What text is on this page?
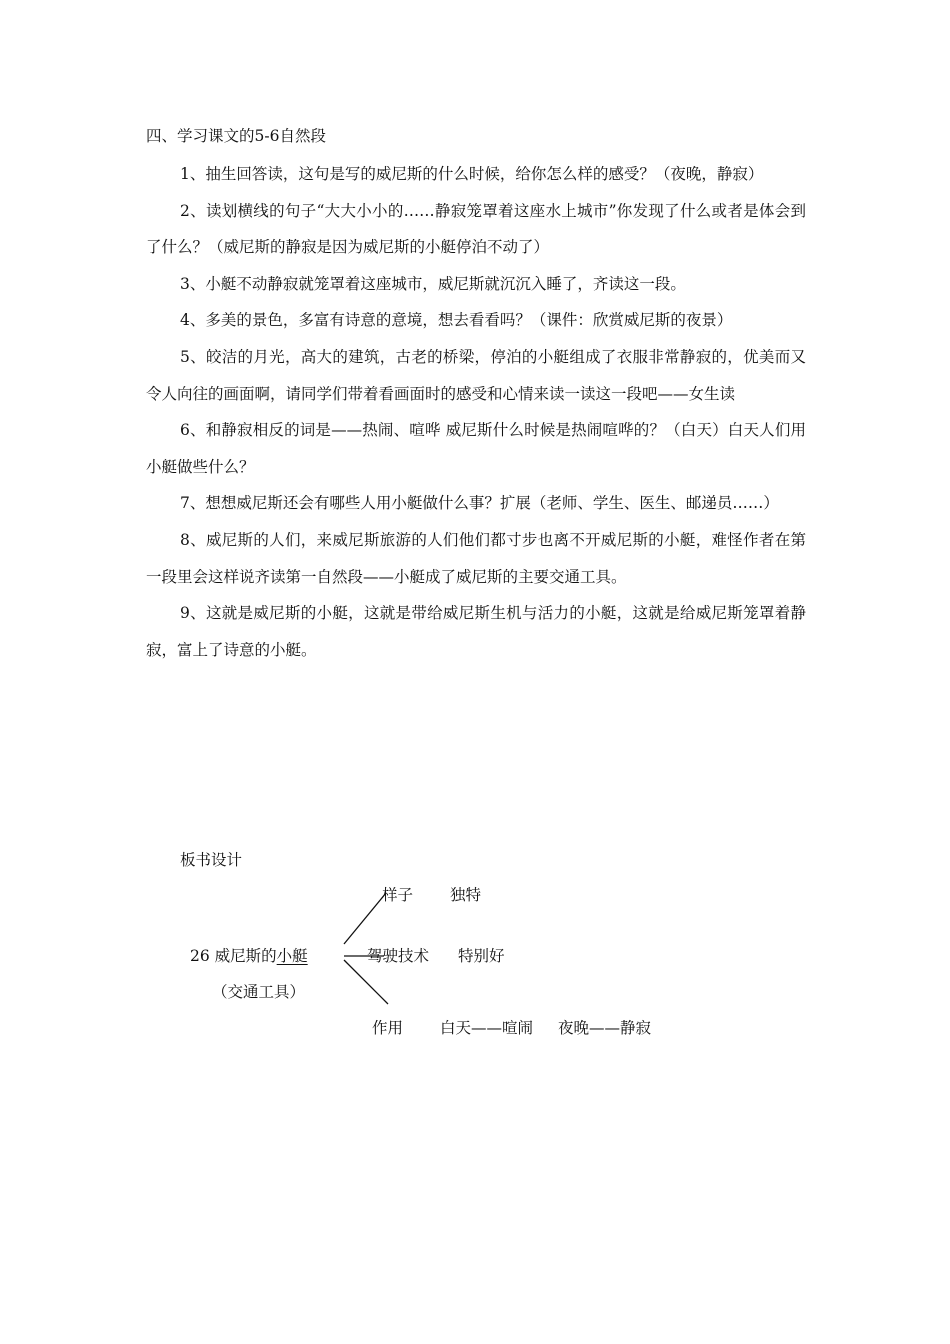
四、学习课文的5-6自然段

1、抽生回答读，这句是写的威尼斯的什么时候，给你怎么样的感受？（夜晚，静寂）

2、读划横线的句子“大大小小的……静寂笼罩着这座水上城市”你发现了什么或者是体会到了什么？（威尼斯的静寂是因为威尼斯的小艇停泊不动了）

3、小艇不动静寂就笼罩着这座城市，威尼斯就沉沉入睡了，齐读这一段。

4、多美的景色，多富有诗意的意境，想去看看吗？（课件：欣赏威尼斯的夜景）

5、皎洁的月光，高大的建筑，古老的桥梁，停泊的小艇组成了衣服非常静寂的，优美而又令人向往的画面啊，请同学们带着看画面时的感受和心情来读一读这一段吧——女生读

6、和静寂相反的词是——热闹、喧哗 威尼斯什么时候是热闹喧哗的？（白天）白天人们用小艇做些什么？

7、想想威尼斯还会有哪些人用小艇做什么事？扩展（老师、学生、医生、邮递员……）

8、威尼斯的人们，来威尼斯旅游的人们他们都寸步也离不开威尼斯的小艇，难怪作者在第一段里会这样说齐读第一自然段——小艇成了威尼斯的主要交通工具。

9、这就是威尼斯的小艇，这就是带给威尼斯生机与活力的小艇，这就是给威尼斯笼罩着静寂，富上了诗意的小艇。

板书设计
26 威尼斯的小艇
（交通工具）
样子 独特
驾驶技术 特别好
作用 白天——喧闹 夜晚——静寂
